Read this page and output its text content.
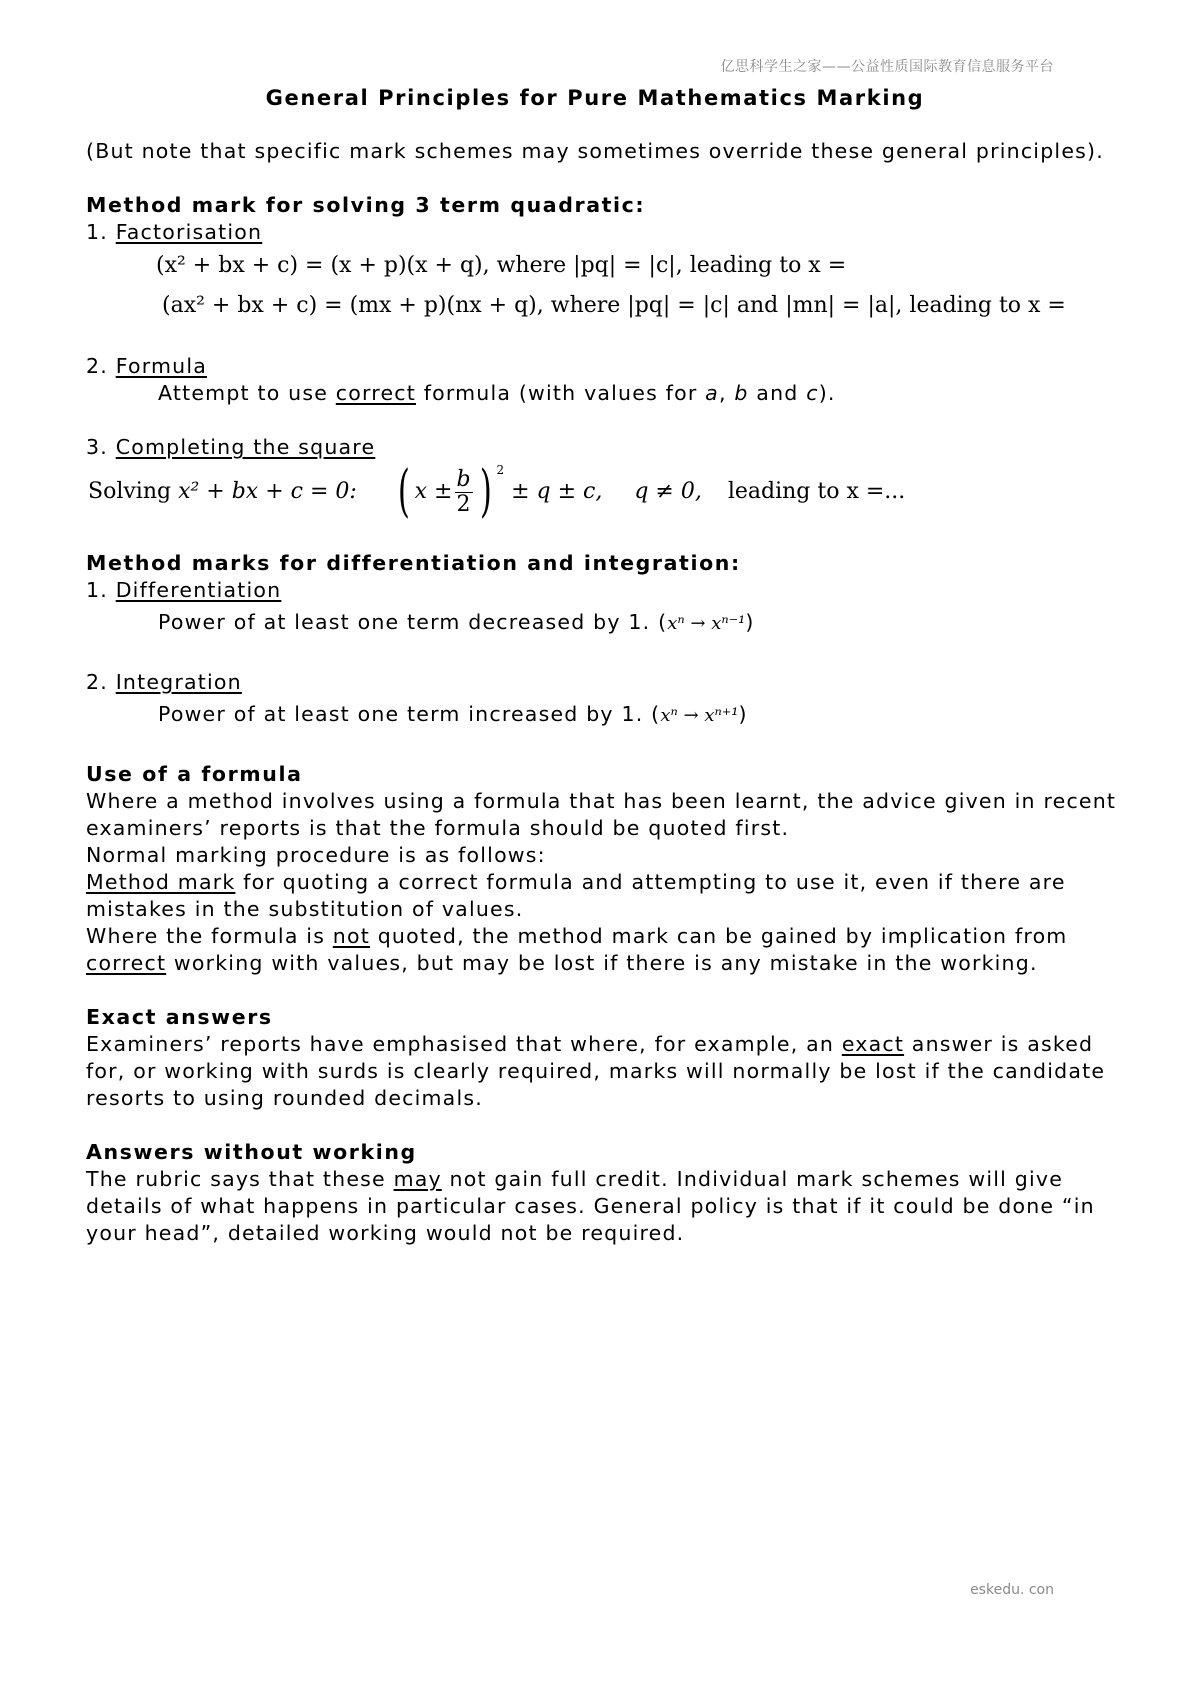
亿思科学生之家——公益性质国际教育信息服务平台
General Principles for Pure Mathematics Marking
(But note that specific mark schemes may sometimes override these general principles).
Method mark for solving 3 term quadratic:
1. Factorisation
(x² + bx + c) = (x + p)(x + q), where |pq| = |c|, leading to x =
(ax² + bx + c) = (mx + p)(nx + q), where |pq| = |c| and |mn| = |a|, leading to x =
2. Formula
Attempt to use correct formula (with values for a, b and c).
3. Completing the square
Solving x² + bx + c = 0: ( $x \pm \frac{b}{2}$ ) $^2$ ± q ± c, q ≠ 0, leading to x =...
Method marks for differentiation and integration:
1. Differentiation
Power of at least one term decreased by 1. (xⁿ → xⁿ⁻¹)
2. Integration
Power of at least one term increased by 1. (xⁿ → xⁿ⁺¹)
Use of a formula
Where a method involves using a formula that has been learnt, the advice given in recent
examiners’ reports is that the formula should be quoted first.
Normal marking procedure is as follows:
Method mark for quoting a correct formula and attempting to use it, even if there are
mistakes in the substitution of values.
Where the formula is not quoted, the method mark can be gained by implication from
correct working with values, but may be lost if there is any mistake in the working.
Exact answers
Examiners’ reports have emphasised that where, for example, an exact answer is asked
for, or working with surds is clearly required, marks will normally be lost if the candidate
resorts to using rounded decimals.
Answers without working
The rubric says that these may not gain full credit. Individual mark schemes will give
details of what happens in particular cases. General policy is that if it could be done “in
your head”, detailed working would not be required.
eskedu. con
